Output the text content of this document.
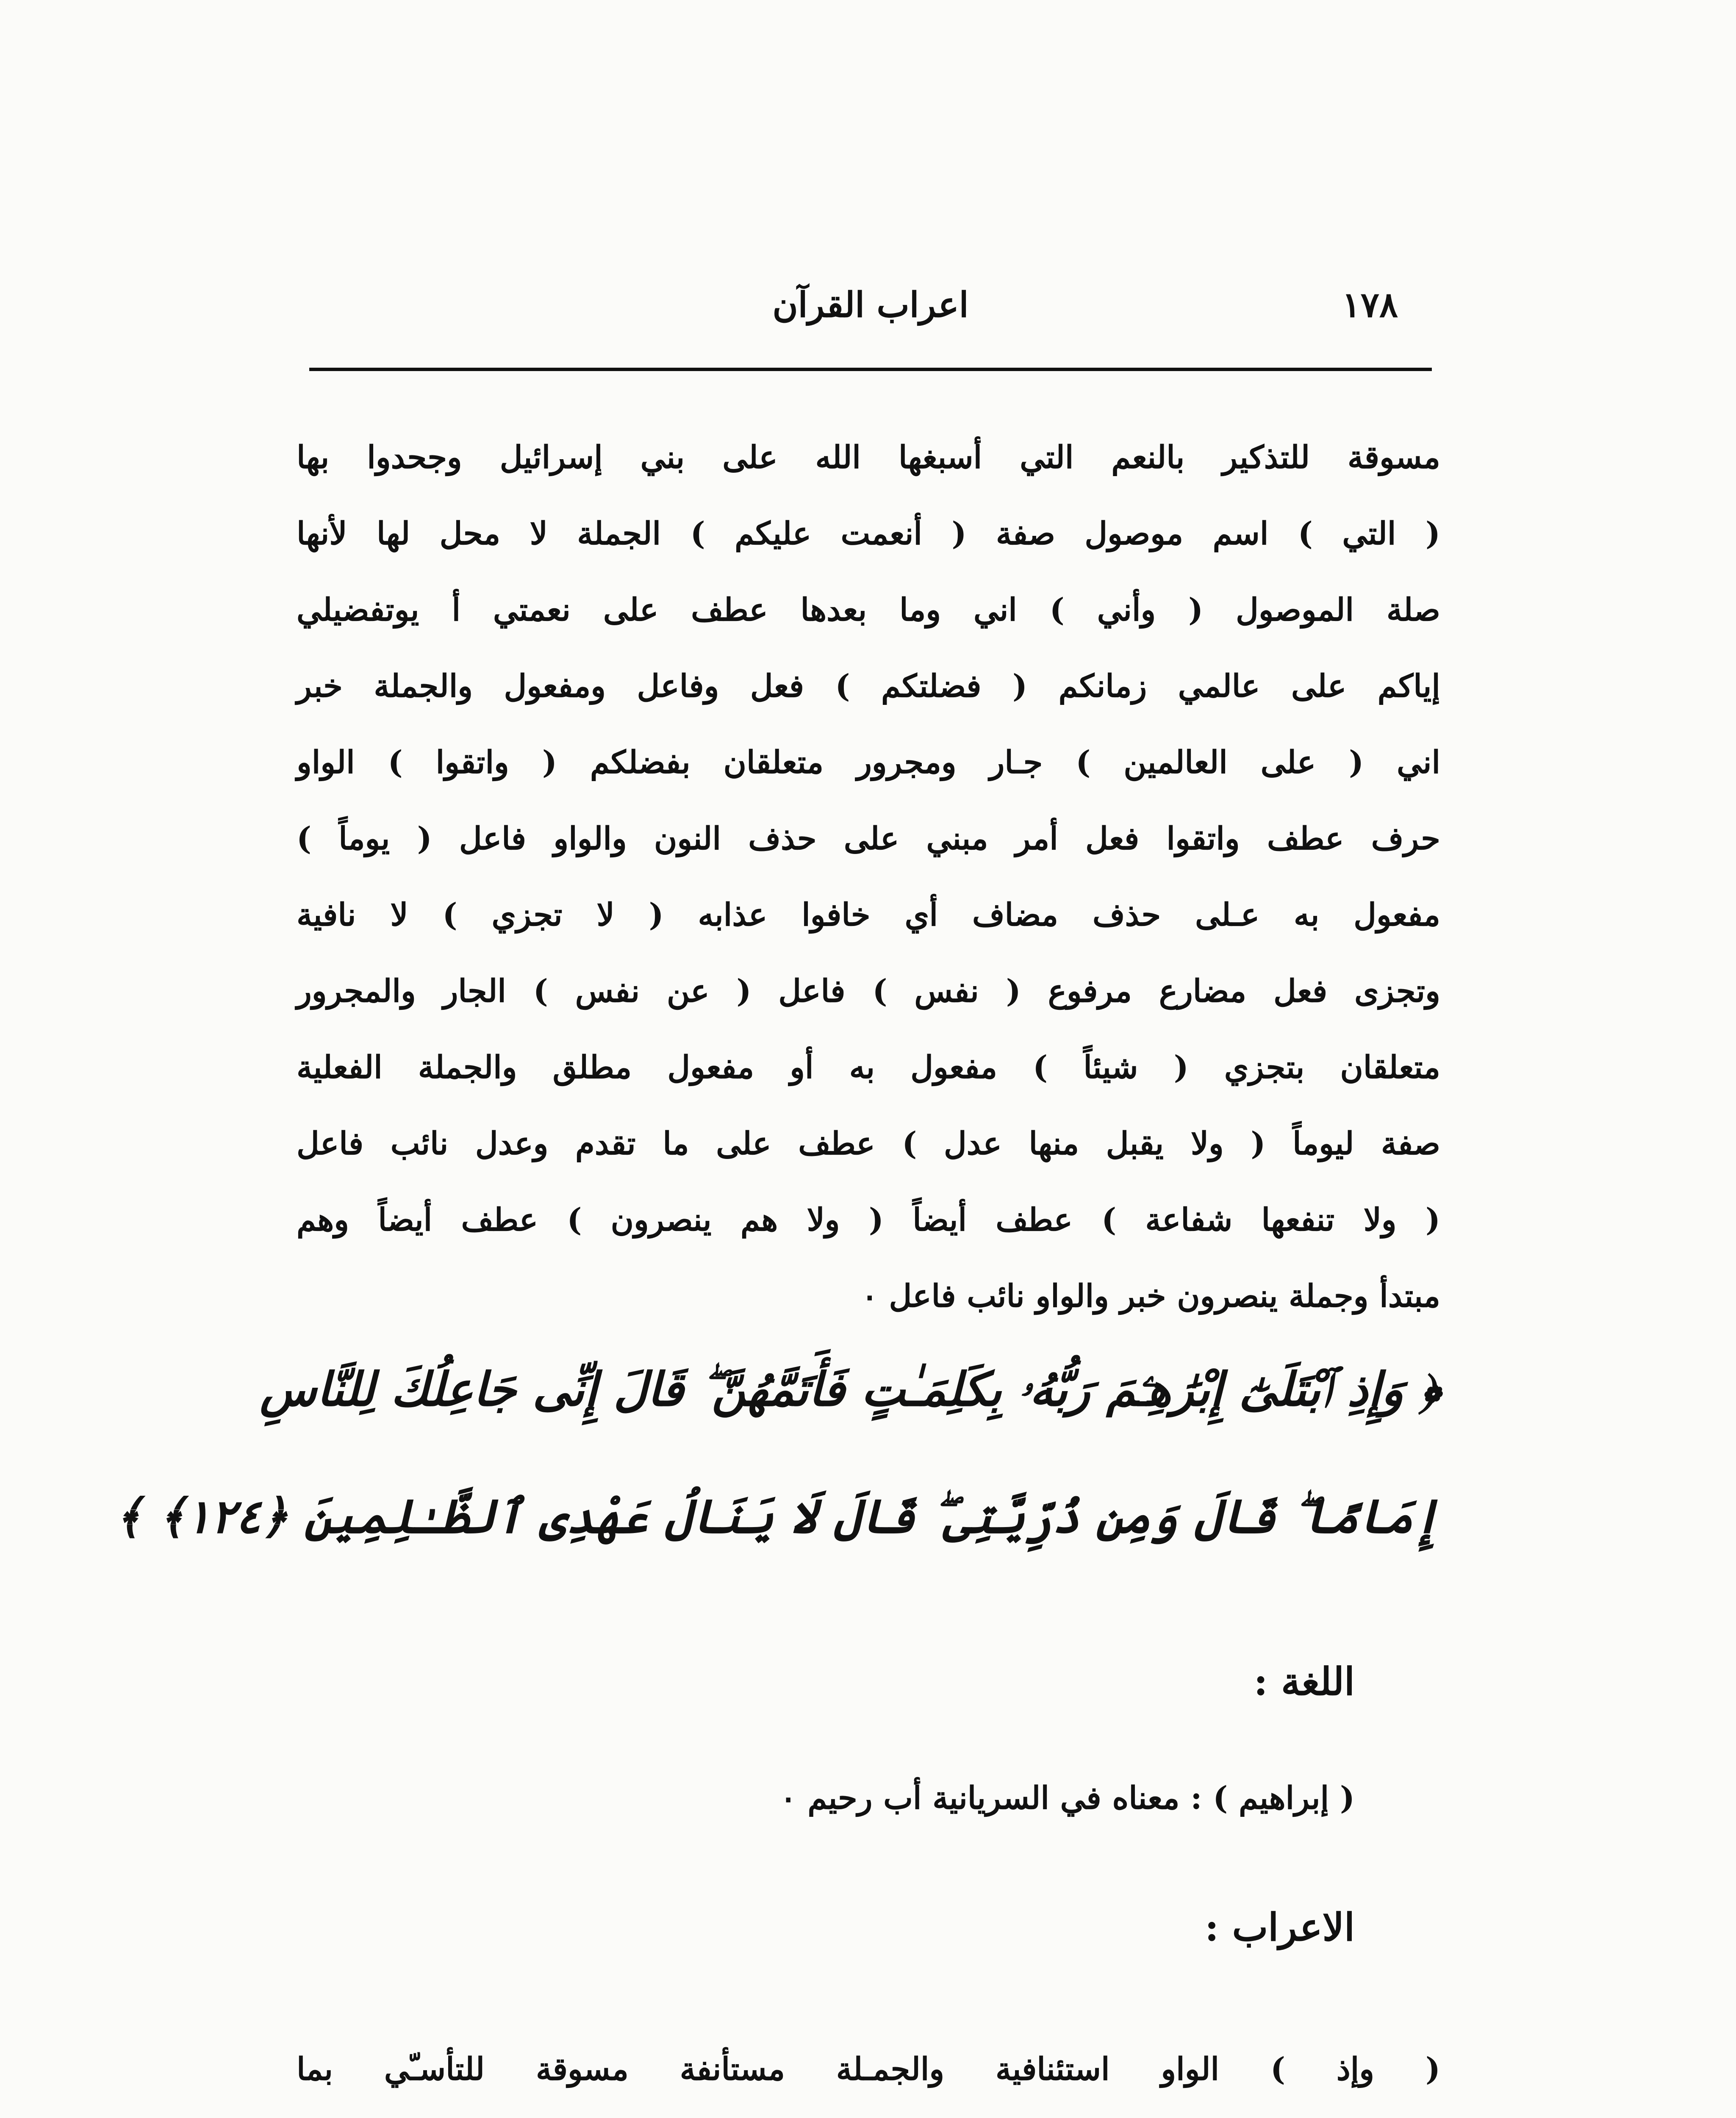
١٧٨
اعراب القرآن
مسوقة للتذكير بالنعم التي أسبغها الله على بني إسرائيل وجحدوا بها
( التي ) اسم موصول صفة ( أنعمت عليكم ) الجملة لا محل لها لأنها
صلة الموصول ( وأني ) اني وما بعدها عطف على نعمتي أ يوتفضيلي
إياكم على عالمي زمانكم ( فضلتكم ) فعل وفاعل ومفعول والجملة خبر
اني ( على العالمين ) جـار ومجرور متعلقان بفضلكم ( واتقوا ) الواو
حرف عطف واتقوا فعل أمر مبني على حذف النون والواو فاعل ( يوماً )
مفعول به عـلى حذف مضاف أي خافوا عذابه ( لا تجزي ) لا نافية
وتجزى فعل مضارع مرفوع ( نفس ) فاعل ( عن نفس ) الجار والمجرور
متعلقان بتجزي ( شيئاً ) مفعول به أو مفعول مطلق والجملة الفعلية
صفة ليوماً ( ولا يقبل منها عدل ) عطف على ما تقدم وعدل نائب فاعل
( ولا تنفعها شفاعة ) عطف أيضاً ( ولا هم ينصرون ) عطف أيضاً وهم
مبتدأ وجملة ينصرون خبر والواو نائب فاعل ٠
﴿ وَإِذِ ٱبْتَلَىٰٓ إِبْرَٰهِـۧمَ رَبُّهُۥ بِكَلِمَـٰتٍ فَأَتَمَّهُنَّ ۖ قَالَ إِنِّى جَاعِلُكَ لِلنَّاسِ
إِمَامًا ۖ قَالَ وَمِن ذُرِّيَّتِى ۖ قَالَ لَا يَنَالُ عَهْدِى ٱلظَّـٰلِمِينَ ﴿١٢٤﴾ ﴾
اللغة :
( إبراهيم ) : معناه في السريانية أب رحيم ٠
الاعراب :
( وإذ ) الواو استئنافية والجمـلة مستأنفة مسوقة للتأسـّي بما
